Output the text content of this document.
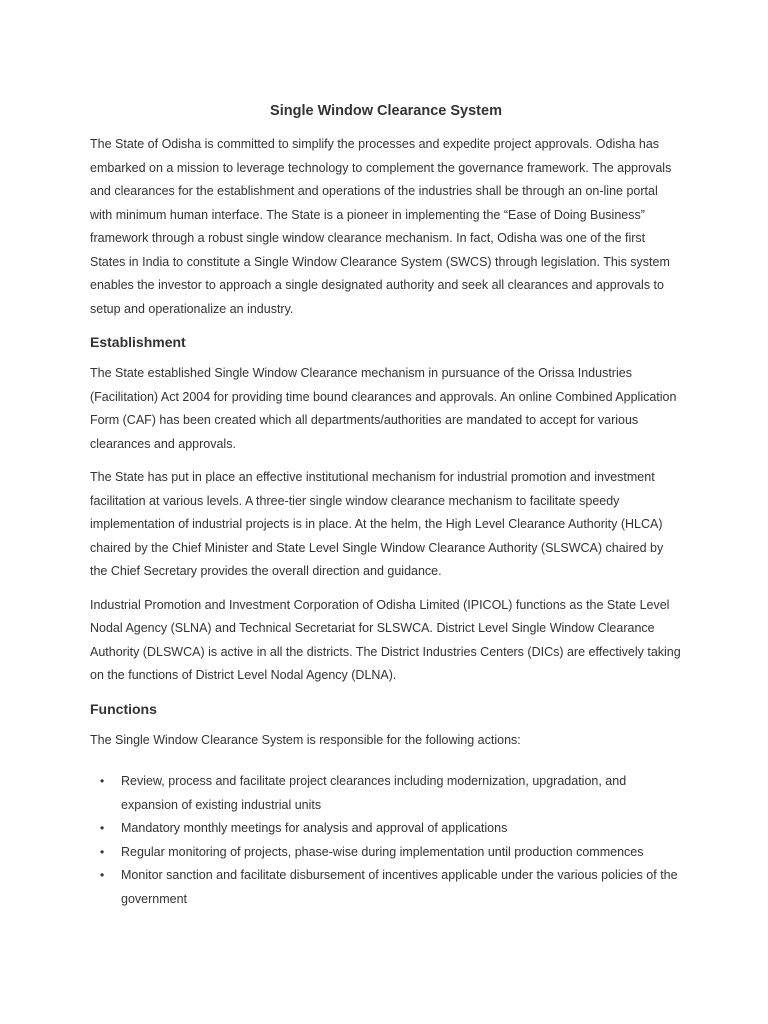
Single Window Clearance System

The State of Odisha is committed to simplify the processes and expedite project approvals. Odisha has embarked on a mission to leverage technology to complement the governance framework. The approvals and clearances for the establishment and operations of the industries shall be through an on-line portal with minimum human interface. The State is a pioneer in implementing the “Ease of Doing Business” framework through a robust single window clearance mechanism. In fact, Odisha was one of the first States in India to constitute a Single Window Clearance System (SWCS) through legislation. This system enables the investor to approach a single designated authority and seek all clearances and approvals to setup and operationalize an industry.

Establishment

The State established Single Window Clearance mechanism in pursuance of the Orissa Industries (Facilitation) Act 2004 for providing time bound clearances and approvals. An online Combined Application Form (CAF) has been created which all departments/authorities are mandated to accept for various clearances and approvals.

The State has put in place an effective institutional mechanism for industrial promotion and investment facilitation at various levels. A three-tier single window clearance mechanism to facilitate speedy implementation of industrial projects is in place. At the helm, the High Level Clearance Authority (HLCA) chaired by the Chief Minister and State Level Single Window Clearance Authority (SLSWCA) chaired by the Chief Secretary provides the overall direction and guidance.

Industrial Promotion and Investment Corporation of Odisha Limited (IPICOL) functions as the State Level Nodal Agency (SLNA) and Technical Secretariat for SLSWCA. District Level Single Window Clearance Authority (DLSWCA) is active in all the districts. The District Industries Centers (DICs) are effectively taking on the functions of District Level Nodal Agency (DLNA).

Functions

The Single Window Clearance System is responsible for the following actions:

• Review, process and facilitate project clearances including modernization, upgradation, and expansion of existing industrial units
• Mandatory monthly meetings for analysis and approval of applications
• Regular monitoring of projects, phase-wise during implementation until production commences
• Monitor sanction and facilitate disbursement of incentives applicable under the various policies of the government
